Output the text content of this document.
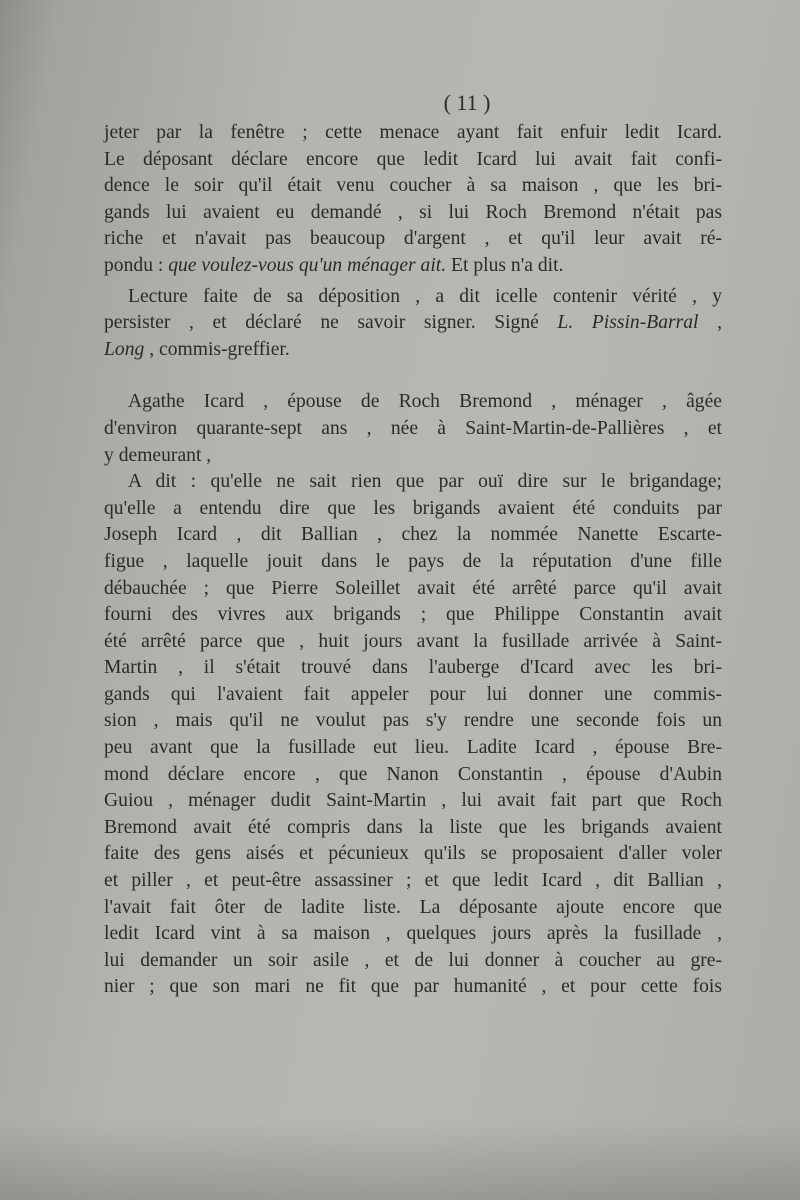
( 11 )
jeter par la fenêtre ; cette menace ayant fait enfuir ledit Icard.
Le déposant déclare encore que ledit Icard lui avait fait confi-
dence le soir qu'il était venu coucher à sa maison , que les bri-
gands lui avaient eu demandé , si lui Roch Bremond n'était pas
riche et n'avait pas beaucoup d'argent , et qu'il leur avait ré-
pondu : que voulez-vous qu'un ménager ait. Et plus n'a dit.
Lecture faite de sa déposition , a dit icelle contenir vérité , y
persister , et déclaré ne savoir signer. Signé L. Pissin-Barral ,
Long , commis-greffier.
Agathe Icard , épouse de Roch Bremond , ménager , âgée
d'environ quarante-sept ans , née à Saint-Martin-de-Pallières , et
y demeurant ,
A dit : qu'elle ne sait rien que par ouï dire sur le brigandage;
qu'elle a entendu dire que les brigands avaient été conduits par
Joseph Icard , dit Ballian , chez la nommée Nanette Escarte-
figue , laquelle jouit dans le pays de la réputation d'une fille
débauchée ; que Pierre Soleillet avait été arrêté parce qu'il avait
fourni des vivres aux brigands ; que Philippe Constantin avait
été arrêté parce que , huit jours avant la fusillade arrivée à Saint-
Martin , il s'était trouvé dans l'auberge d'Icard avec les bri-
gands qui l'avaient fait appeler pour lui donner une commis-
sion , mais qu'il ne voulut pas s'y rendre une seconde fois un
peu avant que la fusillade eut lieu. Ladite Icard , épouse Bre-
mond déclare encore , que Nanon Constantin , épouse d'Aubin
Guiou , ménager dudit Saint-Martin , lui avait fait part que Roch
Bremond avait été compris dans la liste que les brigands avaient
faite des gens aisés et pécunieux qu'ils se proposaient d'aller voler
et piller , et peut-être assassiner ; et que ledit Icard , dit Ballian ,
l'avait fait ôter de ladite liste. La déposante ajoute encore que
ledit Icard vint à sa maison , quelques jours après la fusillade ,
lui demander un soir asile , et de lui donner à coucher au gre-
nier ; que son mari ne fit que par humanité , et pour cette fois
